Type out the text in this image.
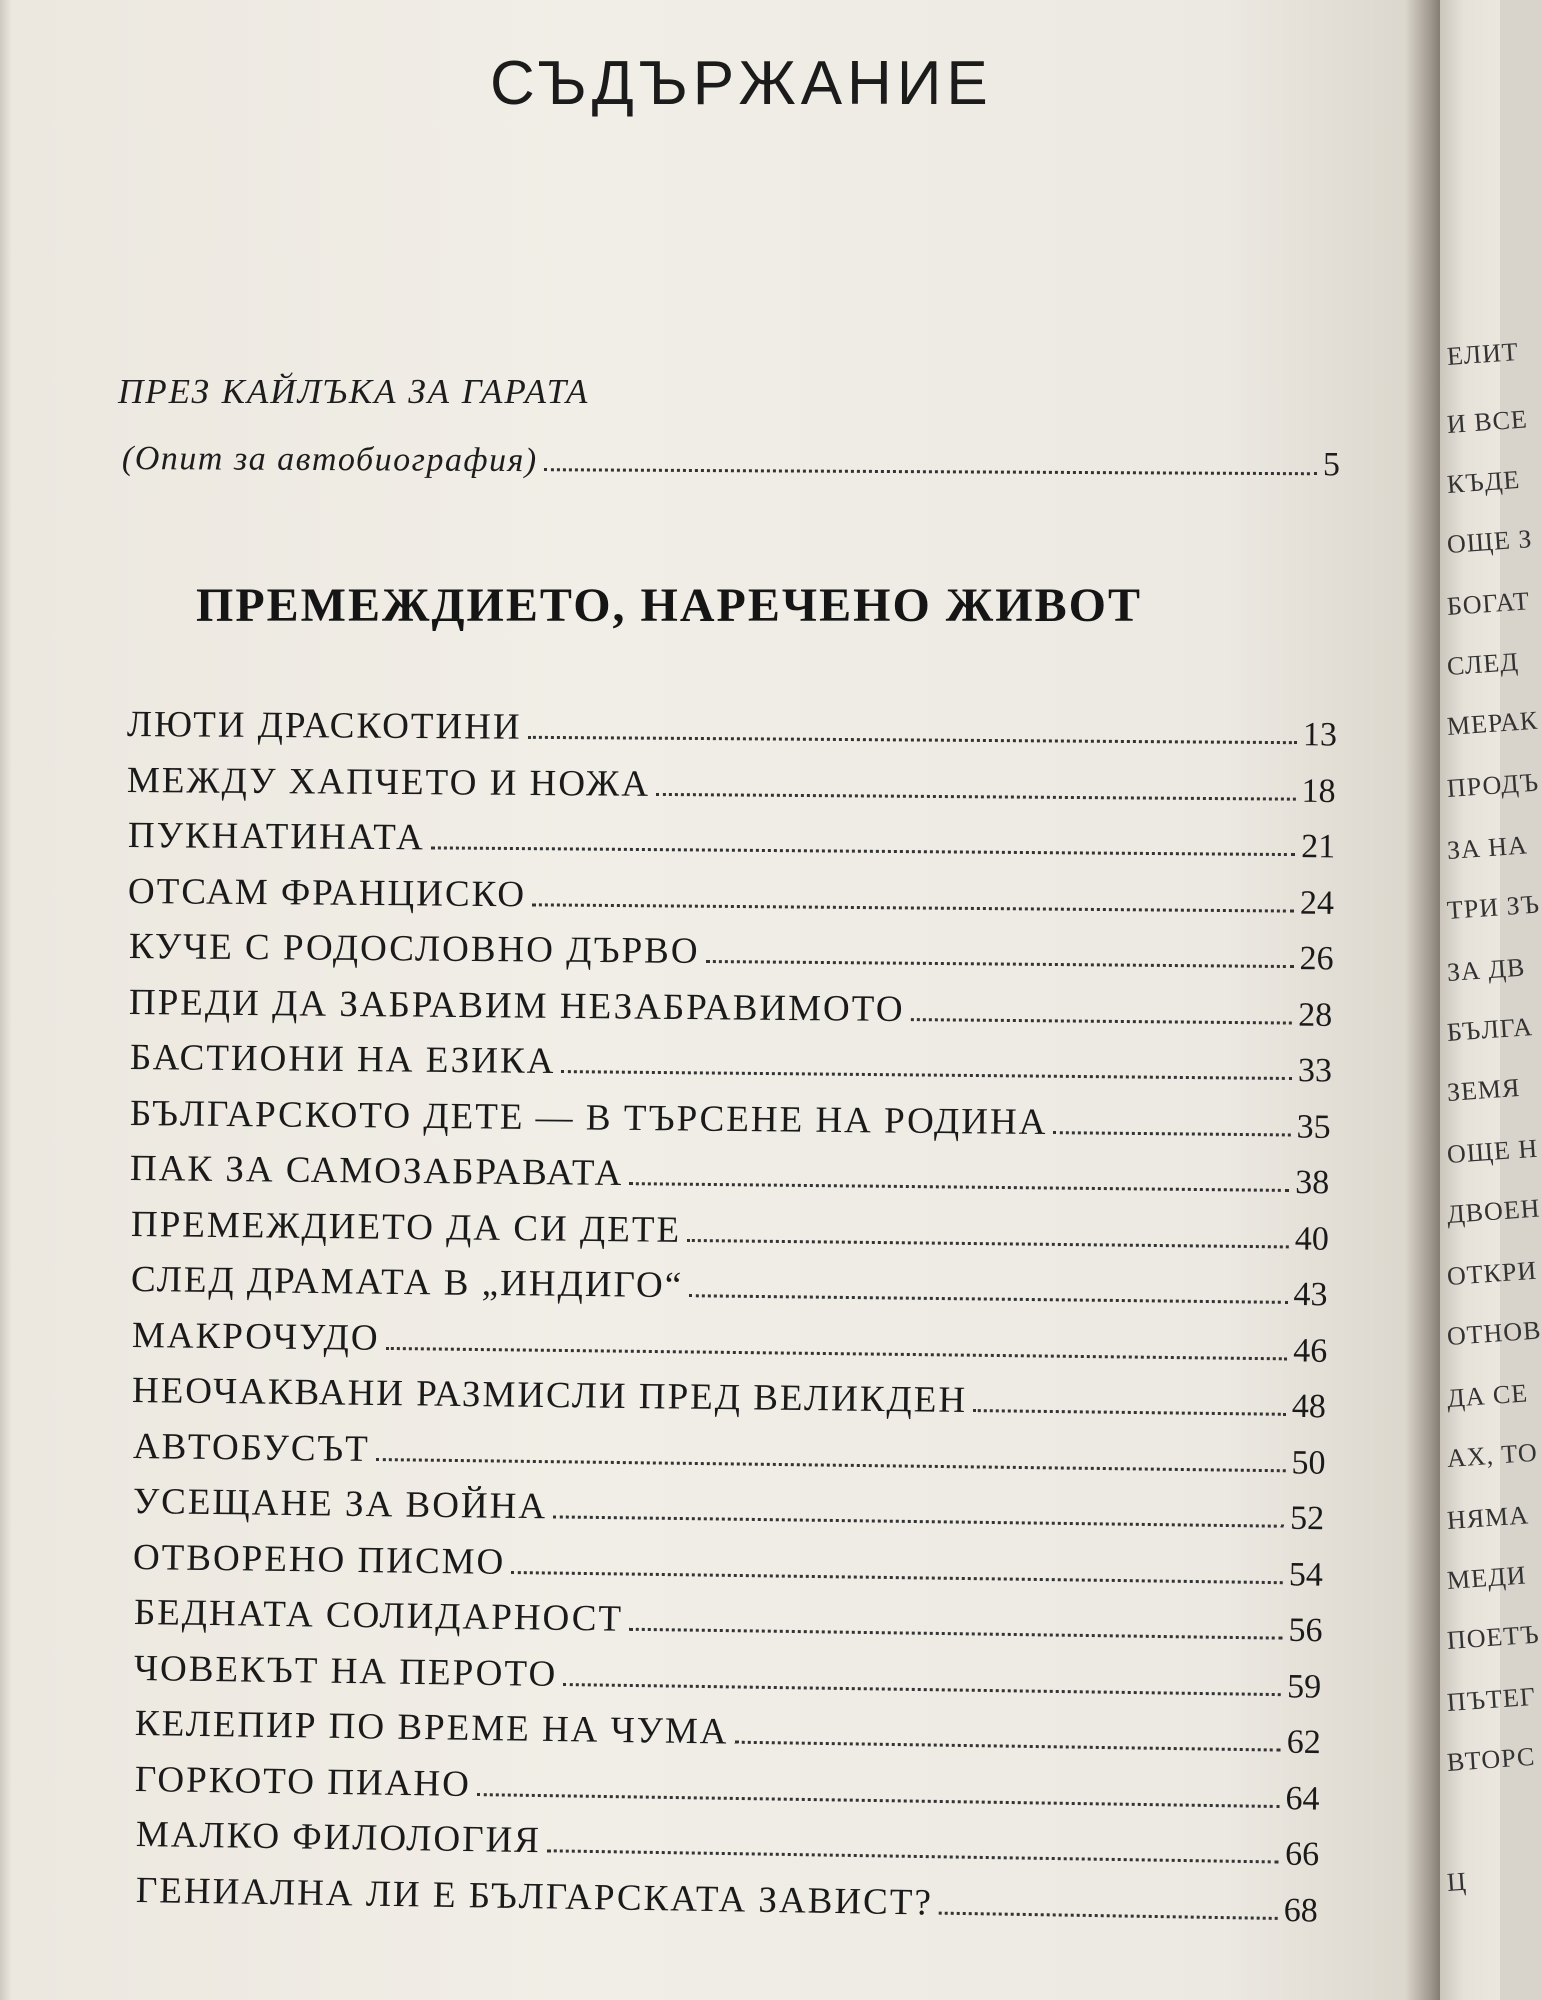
СЪДЪРЖАНИЕ
ПРЕЗ КАЙЛЪКА ЗА ГАРАТА
(Опит за автобиография)	5
ПРЕМЕЖДИЕТО, НАРЕЧЕНО ЖИВОТ
ЛЮТИ ДРАСКОТИНИ	13
МЕЖДУ ХАПЧЕТО И НОЖА	18
ПУКНАТИНАТА	21
ОТСАМ ФРАНЦИСКО	24
КУЧЕ С РОДОСЛОВНО ДЪРВО	26
ПРЕДИ ДА ЗАБРАВИМ НЕЗАБРАВИМОТО	28
БАСТИОНИ НА ЕЗИКА	33
БЪЛГАРСКОТО ДЕТЕ — В ТЪРСЕНЕ НА РОДИНА	35
ПАК ЗА САМОЗАБРАВАТА	38
ПРЕМЕЖДИЕТО ДА СИ ДЕТЕ	40
СЛЕД ДРАМАТА В „ИНДИГО“	43
МАКРОЧУДО	46
НЕОЧАКВАНИ РАЗМИСЛИ ПРЕД ВЕЛИКДЕН	48
АВТОБУСЪТ	50
УСЕЩАНЕ ЗА ВОЙНА	52
ОТВОРЕНО ПИСМО	54
БЕДНАТА СОЛИДАРНОСТ	56
ЧОВЕКЪТ НА ПЕРОТО	59
КЕЛЕПИР ПО ВРЕМЕ НА ЧУМА	62
ГОРКОТО ПИАНО	64
МАЛКО ФИЛОЛОГИЯ	66
ГЕНИАЛНА ЛИ Е БЪЛГАРСКАТА ЗАВИСТ?	68
ЕЛИТ
И ВСЕ
КЪДЕ
ОЩЕ З
БОГАТ
СЛЕД
МЕРАК
ПРОДЪ
ЗА НА
ТРИ ЗЪ
ЗА ДВ
БЪЛГА
ЗЕМЯ
ОЩЕ Н
ДВОЕН
ОТКРИ
ОТНОВ
ДА СЕ
АХ, ТО
НЯМА
МЕДИ
ПОЕТЪ
ПЪТЕГ
ВТОРС
Ц
